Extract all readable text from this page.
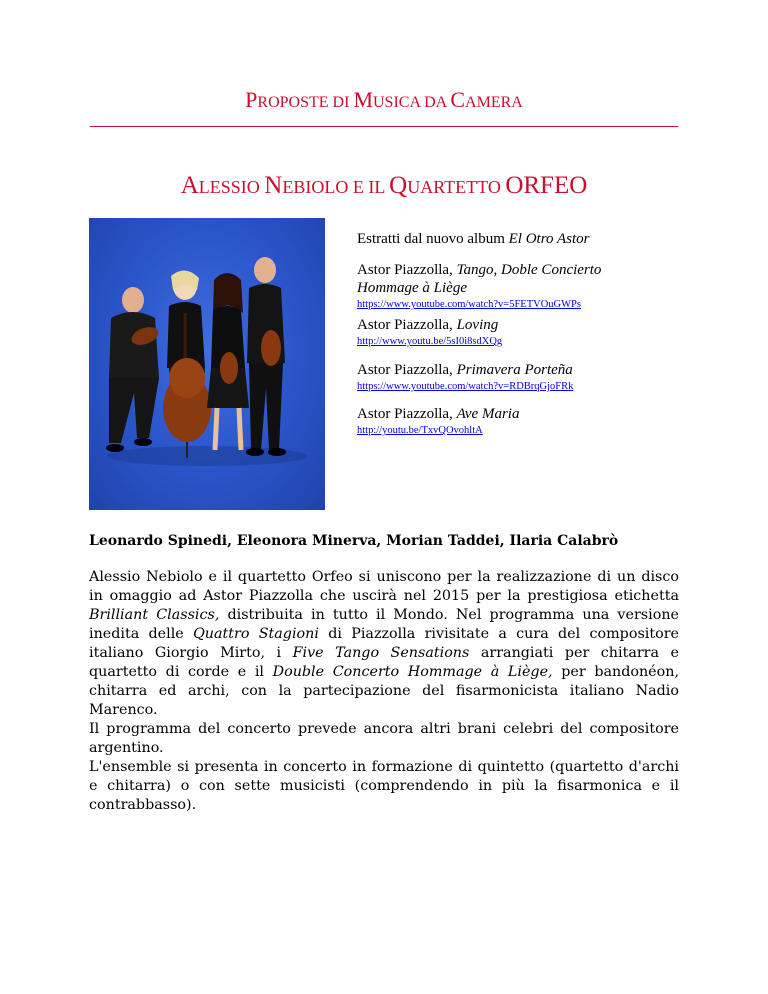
PROPOSTE DI MUSICA DA CAMERA
ALESSIO NEBIOLO E IL QUARTETTO ORFEO
Estratti dal nuovo album El Otro Astor
Astor Piazzolla, Tango, Doble Concierto
Hommage à Liège
https://www.youtube.com/watch?v=5FETVOuGWPs
Astor Piazzolla, Loving
http://www.youtu.be/5sI0i8sdXQg
Astor Piazzolla, Primavera Porteña
https://www.youtube.com/watch?v=RDBrqGjoFRk
Astor Piazzolla, Ave Maria
http://youtu.be/TxvQOvohltA
Leonardo Spinedi, Eleonora Minerva, Morian Taddei, Ilaria Calabrò

Alessio Nebiolo e il quartetto Orfeo si uniscono per la realizzazione di un disco in omaggio ad Astor Piazzolla che uscirà nel 2015 per la prestigiosa etichetta Brilliant Classics, distribuita in tutto il Mondo. Nel programma una versione inedita delle Quattro Stagioni di Piazzolla rivisitate a cura del compositore italiano Giorgio Mirto, i Five Tango Sensations arrangiati per chitarra e quartetto di corde e il Double Concerto Hommage à Liège, per bandonéon, chitarra ed archi, con la partecipazione del fisarmonicista italiano Nadio Marenco.

Il programma del concerto prevede ancora altri brani celebri del compositore argentino.

L'ensemble si presenta in concerto in formazione di quintetto (quartetto d'archi e chitarra) o con sette musicisti (comprendendo in più la fisarmonica e il contrabbasso).
